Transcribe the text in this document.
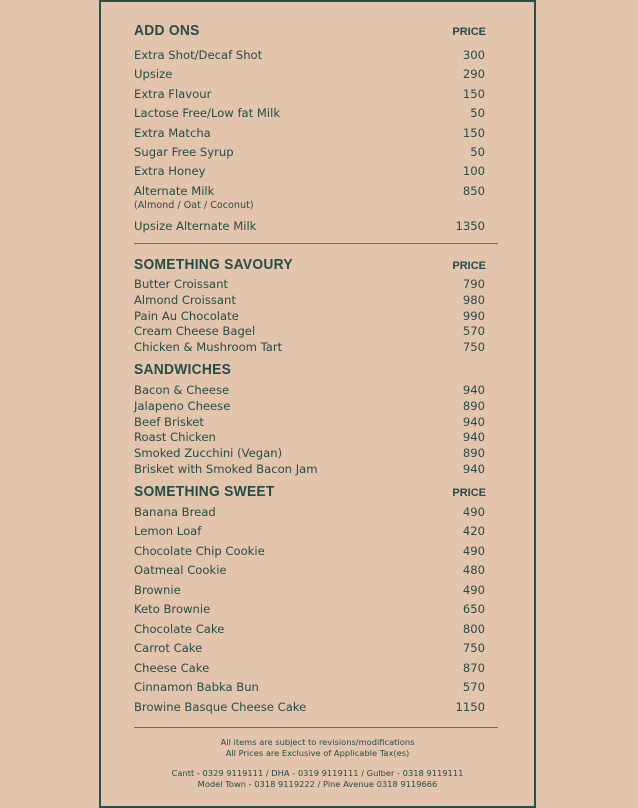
ADD ONS	PRICE
Extra Shot/Decaf Shot	300
Upsize	290
Extra Flavour	150
Lactose Free/Low fat Milk	50
Extra Matcha	150
Sugar Free Syrup	50
Extra Honey	100
Alternate Milk	850
(Almond / Oat / Coconut)
Upsize Alternate Milk	1350
SOMETHING SAVOURY	PRICE
Butter Croissant	790
Almond Croissant	980
Pain Au Chocolate	990
Cream Cheese Bagel	570
Chicken & Mushroom Tart	750
SANDWICHES
Bacon & Cheese	940
Jalapeno Cheese	890
Beef Brisket	940
Roast Chicken	940
Smoked Zucchini (Vegan)	890
Brisket with Smoked Bacon Jam	940
SOMETHING SWEET	PRICE
Banana Bread	490
Lemon Loaf	420
Chocolate Chip Cookie	490
Oatmeal Cookie	480
Brownie	490
Keto Brownie	650
Chocolate Cake	800
Carrot Cake	750
Cheese Cake	870
Cinnamon Babka Bun	570
Browine Basque Cheese Cake	1150
All items are subject to revisions/modifications
All Prices are Exclusive of Applicable Tax(es)
Cantt - 0329 9119111 / DHA - 0319 9119111 / Gulber - 0318 9119111
Model Town - 0318 9119222 / Pine Avenue 0318 9119666
